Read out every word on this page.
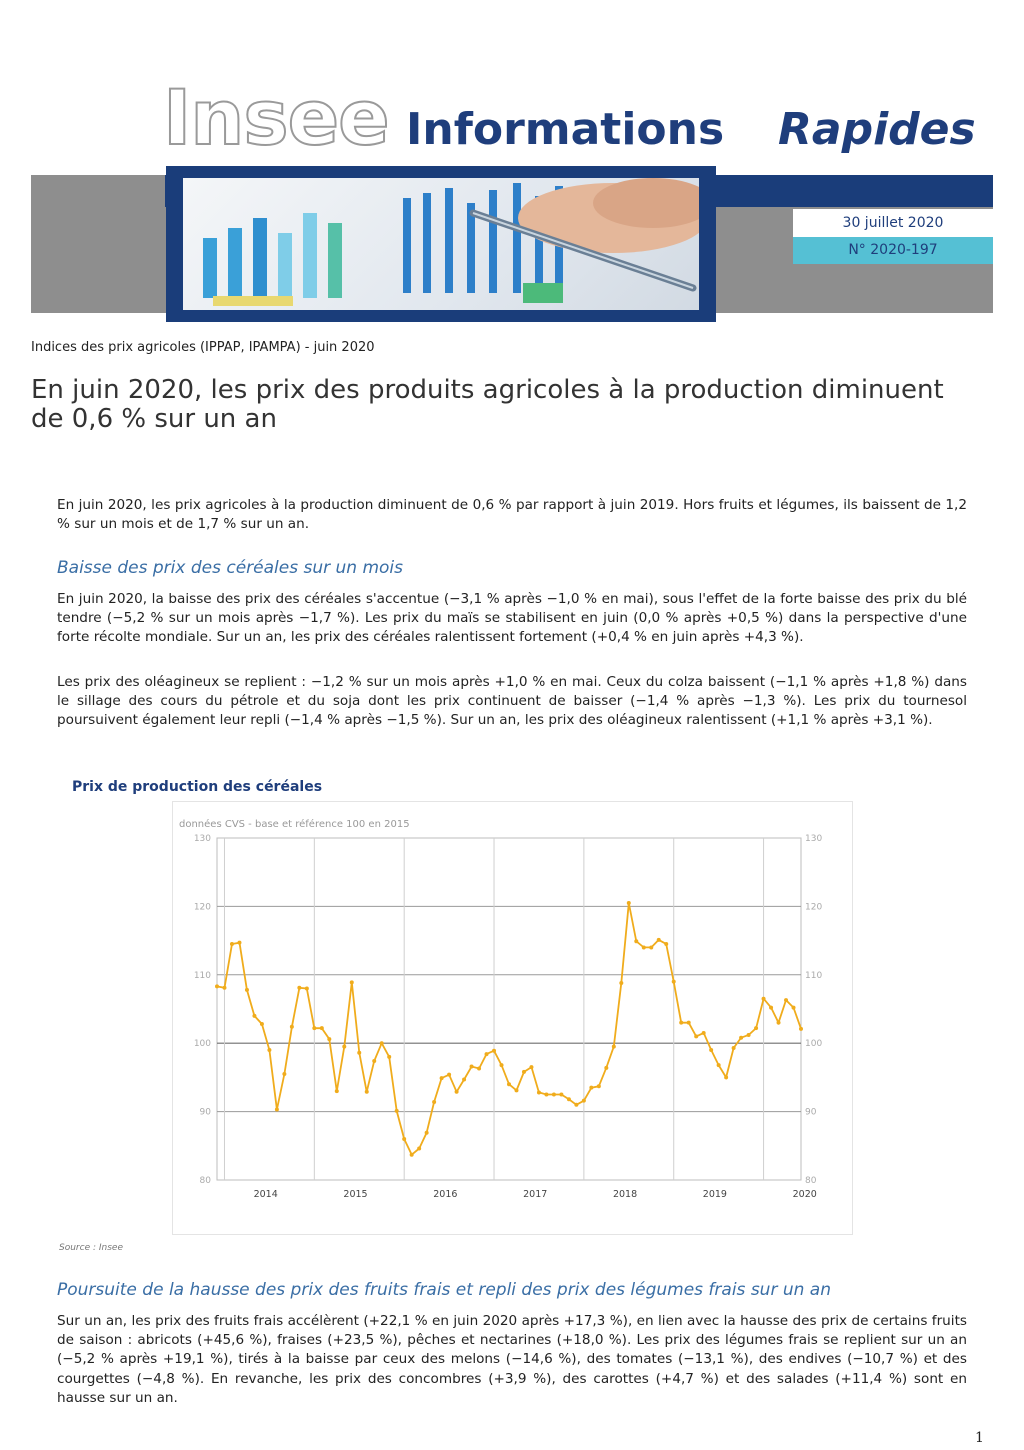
Insee Informations Rapides
30 juillet 2020
N° 2020-197
Indices des prix agricoles (IPPAP, IPAMPA) - juin 2020
En juin 2020, les prix des produits agricoles à la production diminuent de 0,6 % sur un an
En juin 2020, les prix agricoles à la production diminuent de 0,6 % par rapport à juin 2019. Hors fruits et légumes, ils baissent de 1,2 % sur un mois et de 1,7 % sur un an.
Baisse des prix des céréales sur un mois
En juin 2020, la baisse des prix des céréales s'accentue (−3,1 % après −1,0 % en mai), sous l'effet de la forte baisse des prix du blé tendre (−5,2 % sur un mois après −1,7 %). Les prix du maïs se stabilisent en juin (0,0 % après +0,5 %) dans la perspective d'une forte récolte mondiale. Sur un an, les prix des céréales ralentissent fortement (+0,4 % en juin après +4,3 %).
Les prix des oléagineux se replient : −1,2 % sur un mois après +1,0 % en mai. Ceux du colza baissent (−1,1 % après +1,8 %) dans le sillage des cours du pétrole et du soja dont les prix continuent de baisser (−1,4 % après −1,3 %). Les prix du tournesol poursuivent également leur repli (−1,4 % après −1,5 %). Sur un an, les prix des oléagineux ralentissent (+1,1 % après +3,1 %).
Prix de production des céréales
données CVS - base et référence 100 en 2015
80
90
100
110
120
130
80
90
100
110
120
130
2014	2015	2016	2017	2018	2019	2020
Source : Insee
Poursuite de la hausse des prix des fruits frais et repli des prix des légumes frais sur un an
Sur un an, les prix des fruits frais accélèrent (+22,1 % en juin 2020 après +17,3 %), en lien avec la hausse des prix de certains fruits de saison : abricots (+45,6 %), fraises (+23,5 %), pêches et nectarines (+18,0 %). Les prix des légumes frais se replient sur un an (−5,2 % après +19,1 %), tirés à la baisse par ceux des melons (−14,6 %), des tomates (−13,1 %), des endives (−10,7 %) et des courgettes (−4,8 %). En revanche, les prix des concombres (+3,9 %), des carottes (+4,7 %) et des salades (+11,4 %) sont en hausse sur un an.
1
